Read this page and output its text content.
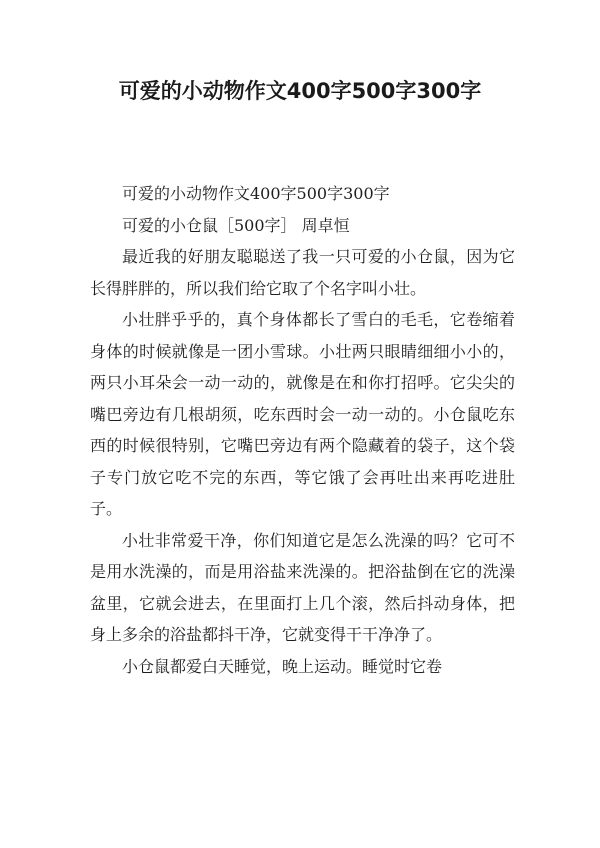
可爱的小动物作文400字500字300字

可爱的小动物作文400字500字300字

可爱的小仓鼠［500字］ 周卓恒

最近我的好朋友聪聪送了我一只可爱的小仓鼠，因为它长得胖胖的，所以我们给它取了个名字叫小壮。

小壮胖乎乎的，真个身体都长了雪白的毛毛，它卷缩着身体的时候就像是一团小雪球。小壮两只眼睛细细小小的，两只小耳朵会一动一动的，就像是在和你打招呼。它尖尖的嘴巴旁边有几根胡须，吃东西时会一动一动的。小仓鼠吃东西的时候很特别，它嘴巴旁边有两个隐藏着的袋子，这个袋子专门放它吃不完的东西，等它饿了会再吐出来再吃进肚子。

小壮非常爱干净，你们知道它是怎么洗澡的吗？它可不是用水洗澡的，而是用浴盐来洗澡的。把浴盐倒在它的洗澡盆里，它就会进去，在里面打上几个滚，然后抖动身体，把身上多余的浴盐都抖干净，它就变得干干净净了。

小仓鼠都爱白天睡觉，晚上运动。睡觉时它卷
